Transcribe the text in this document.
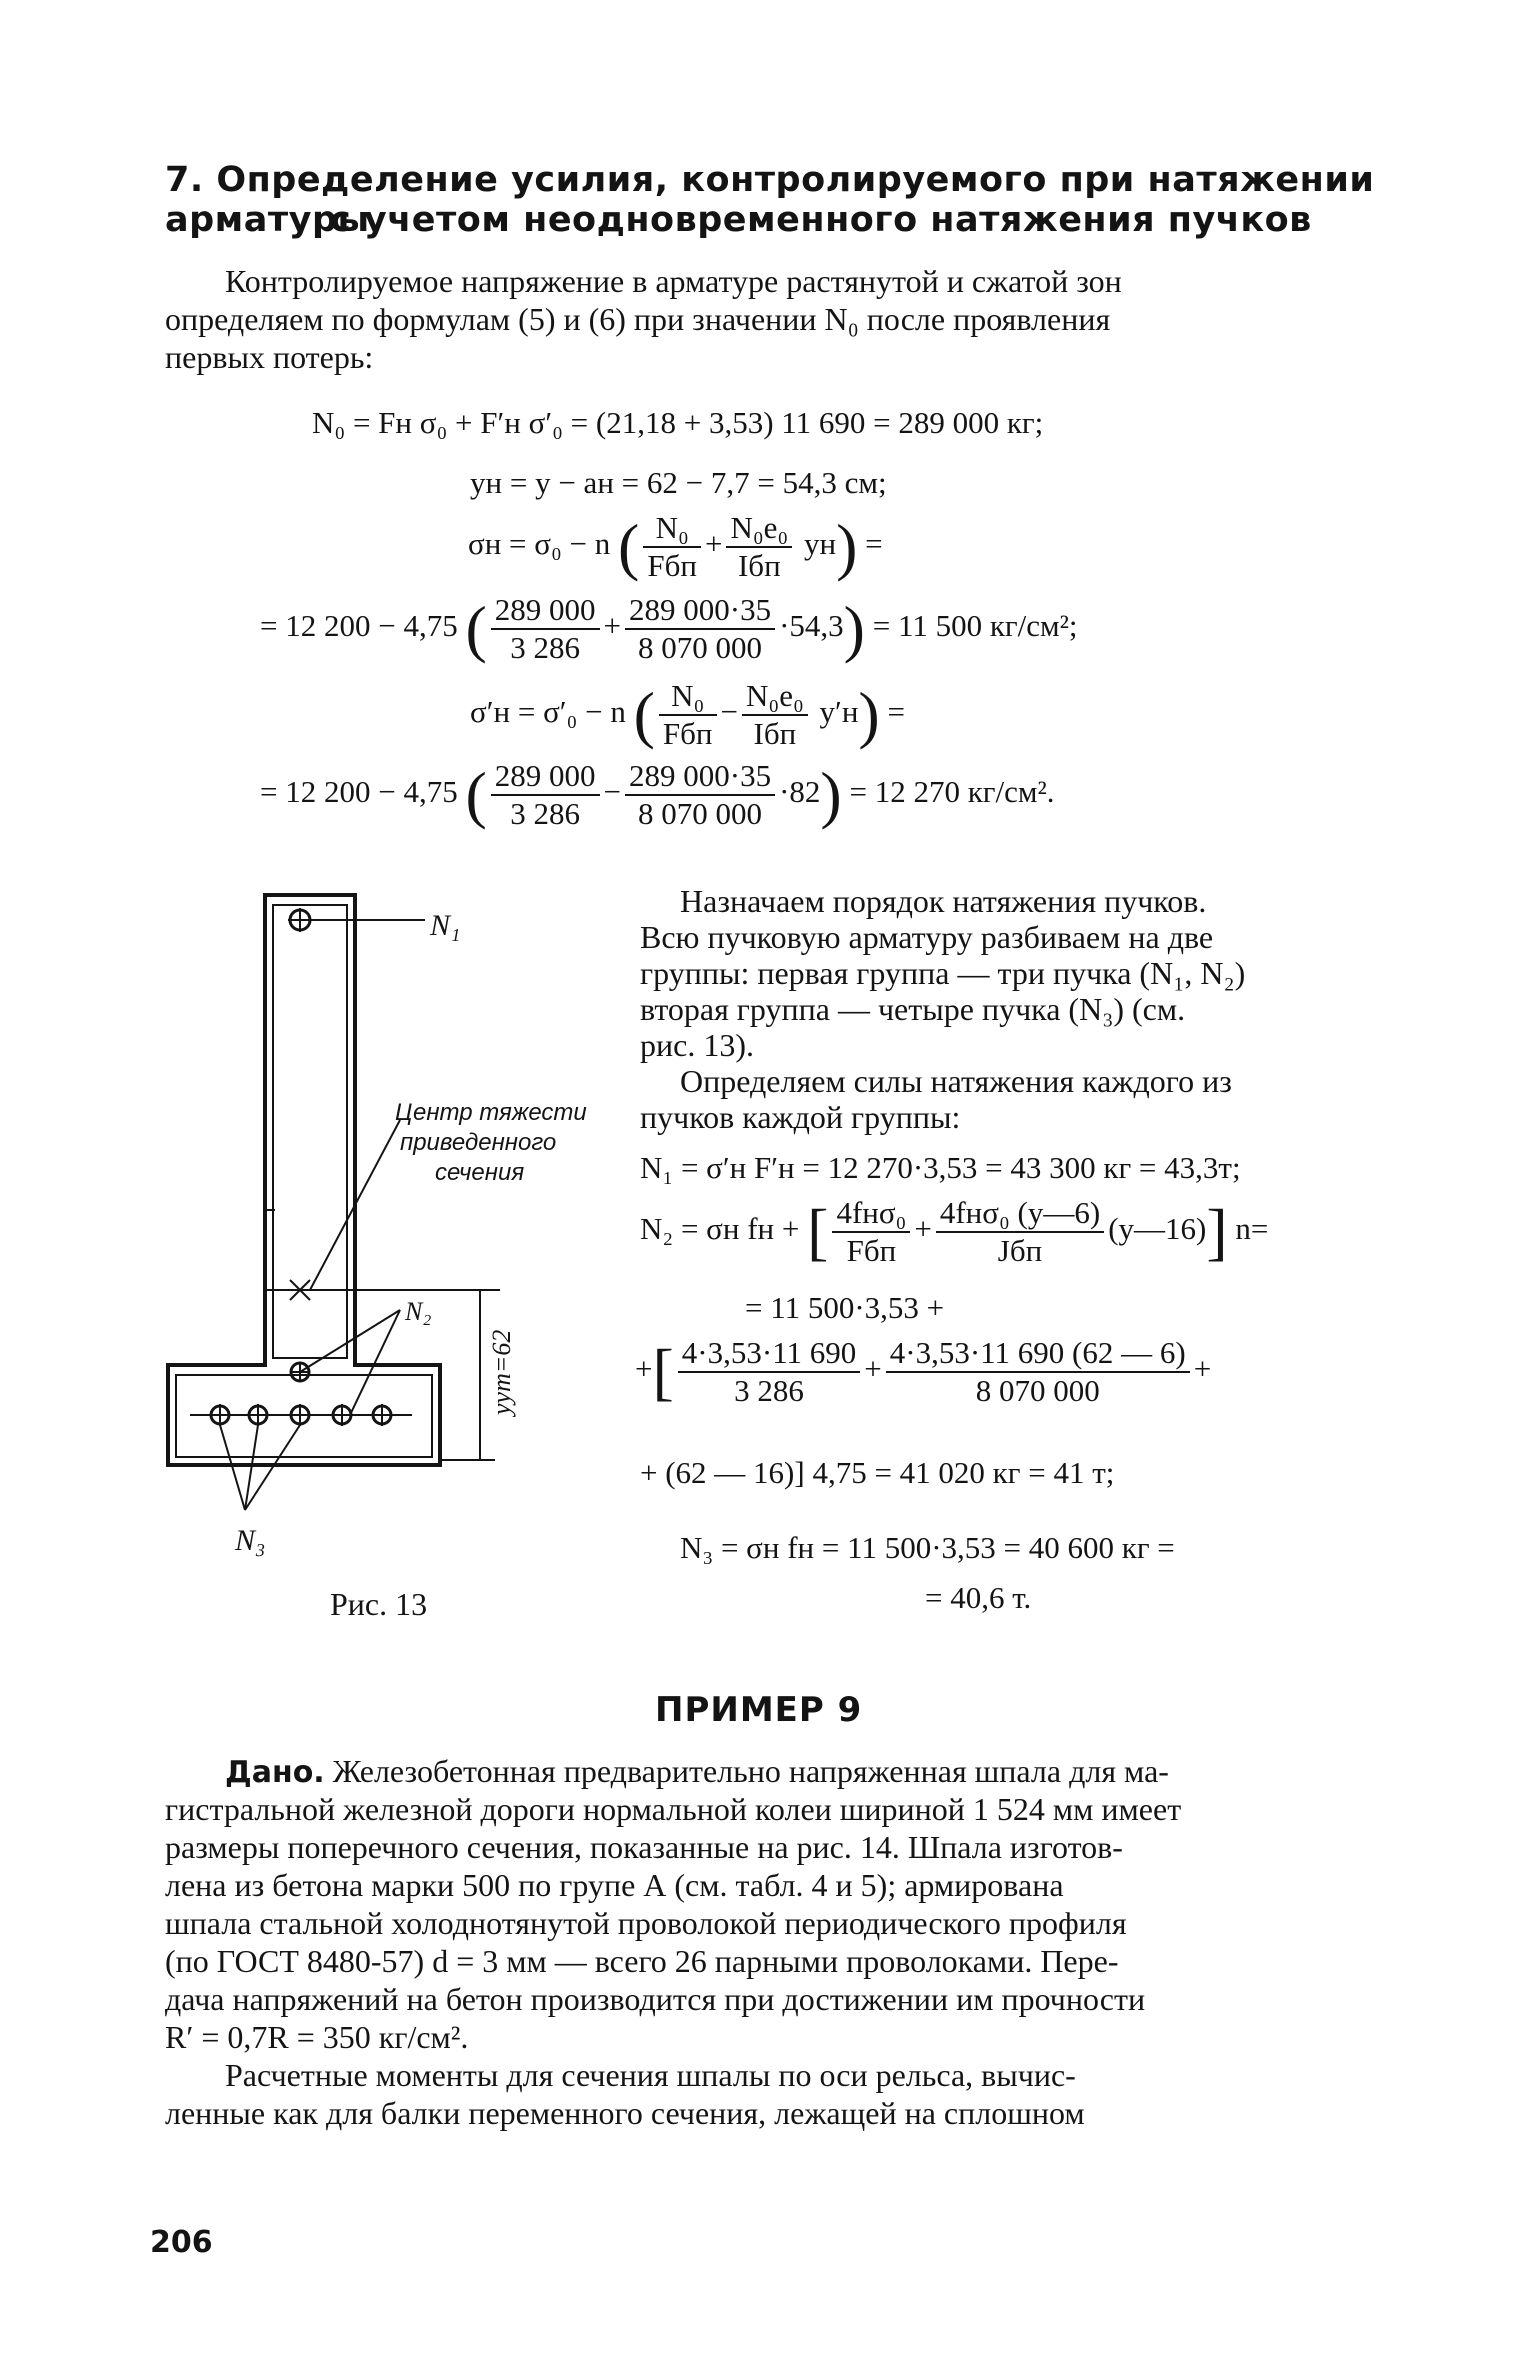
7. Определение усилия, контролируемого при натяжении арматуры
с учетом неодновременного натяжения пучков
Контролируемое напряжение в арматуре растянутой и сжатой зон
определяем по формулам (5) и (6) при значении N₀ после проявления
первых потерь:
N₀ = Fн σ₀ + F′н σ′₀ = (21,18 + 3,53) 11 690 = 289 000 кг;
yн = y − aн = 62 − 7,7 = 54,3 см;
σн = σ₀ − n ( $\frac{\text{N₀}}{\text{Fбп}} + \frac{\text{N₀e₀}}{\text{Iбп}} yн$) =
= 12 200 − 4,75 ( $\frac{289 000}{3 286} + \frac{289 000\cdot 35}{8 070 000} \cdot 54,3) = 11$ 500 кг/см²;
σ′н = σ′₀ − n ( $\frac{\text{N₀}}{\text{Fбп}} - \frac{\text{N₀e₀}}{\text{Iбп}} y'н$) =
= 12 200 − 4,75 ( $\frac{289 000}{3 286} - \frac{289 000\cdot 35}{8 070 000} \cdot 82) = 12$ 270 кг/см².
N₁
Центр тяжести
приведенного
сечения
yут=62
N₂
N₃
Рис. 13
Назначаем порядок натяжения пучков.
Всю пучковую арматуру разбиваем на две
группы: первая группа — три пучка (N₁, N₂)
вторая группа — четыре пучка (N₃) (см.
рис. 13).
Определяем силы натяжения каждого из
пучков каждой группы:
N₁ = σ′н F′н = 12 270·3,53 = 43 300 кг = 43,3т;
N₂ = σн fн + [ $\frac{\text{4fнσ₀}}{\text{Fбп}} + \frac{\text{4fнσ₀ (y—6)}}{\text{Jбп}}$ (y—16)] n=
= 11 500·3,53 +
+[ $\frac{4\cdot 3,53\cdot 11 690}{3 286} + \frac{4\cdot 3,53\cdot 11 690 (62 — 6)}{8 070 000}$ +
+ (62 — 16)] 4,75 = 41 020 кг = 41 т;
N₃ = σн fн = 11 500·3,53 = 40 600 кг =
= 40,6 т.
ПРИМЕР 9
Дано. Железобетонная предварительно напряженная шпала для ма-
гистральной железной дороги нормальной колеи шириной 1 524 мм имеет
размеры поперечного сечения, показанные на рис. 14. Шпала изготов-
лена из бетона марки 500 по групе А (см. табл. 4 и 5); армирована
шпала стальной холоднотянутой проволокой периодического профиля
(по ГОСТ 8480-57) d = 3 мм — всего 26 парными проволоками. Пере-
дача напряжений на бетон производится при достижении им прочности
R′ = 0,7R = 350 кг/см².
Расчетные моменты для сечения шпалы по оси рельса, вычис-
ленные как для балки переменного сечения, лежащей на сплошном
206
